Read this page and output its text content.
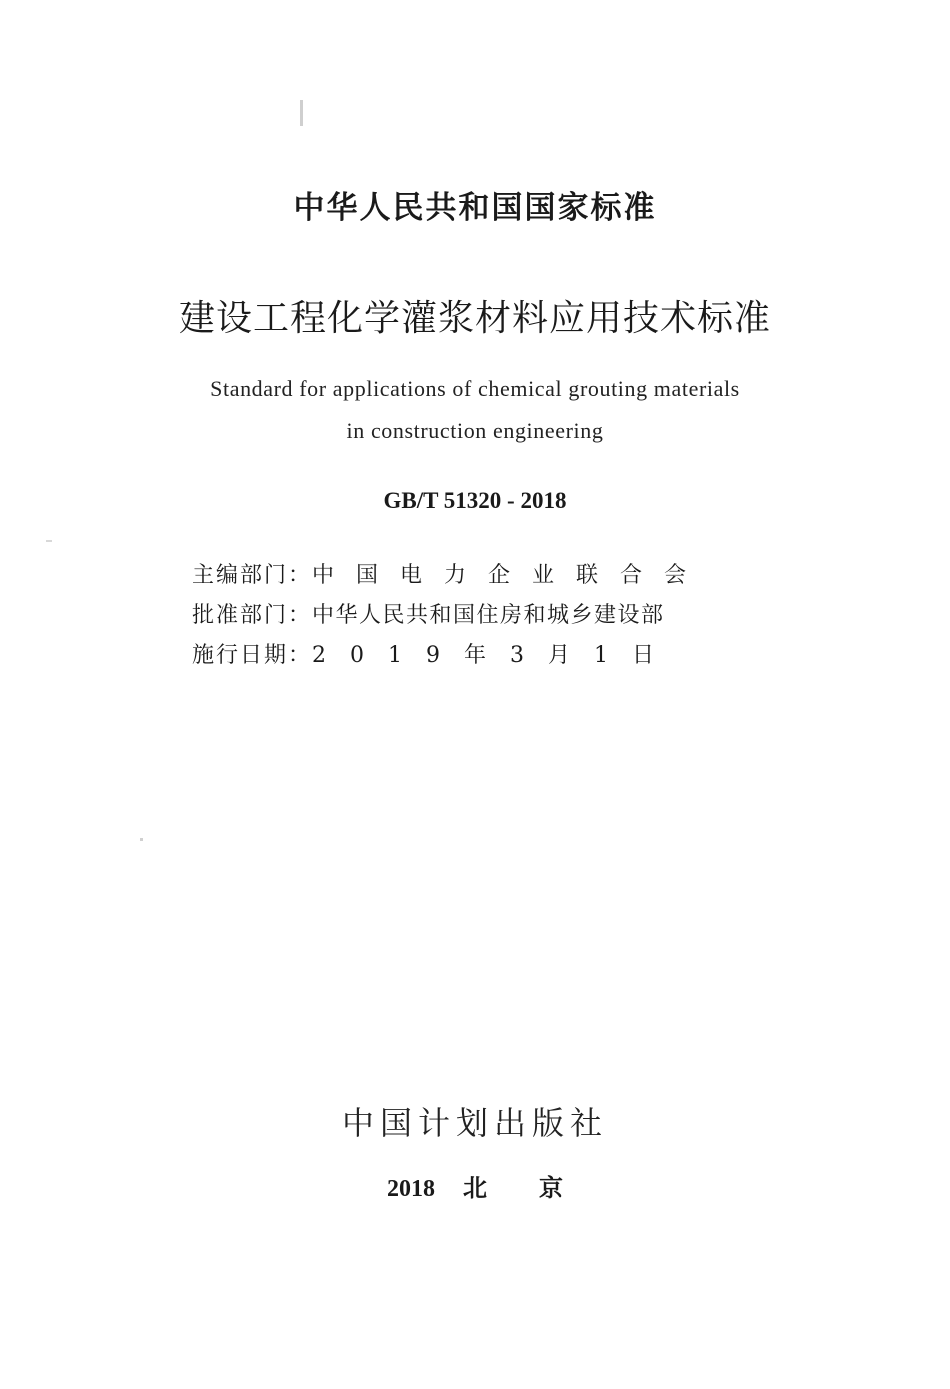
中华人民共和国国家标准

建设工程化学灌浆材料应用技术标准

Standard for applications of chemical grouting materials

in construction engineering

GB/T 51320 - 2018

主编部门： 中国电力企业联合会
批准部门： 中华人民共和国住房和城乡建设部
施行日期： 2019年3月1日

中国计划出版社

2018 北 京
